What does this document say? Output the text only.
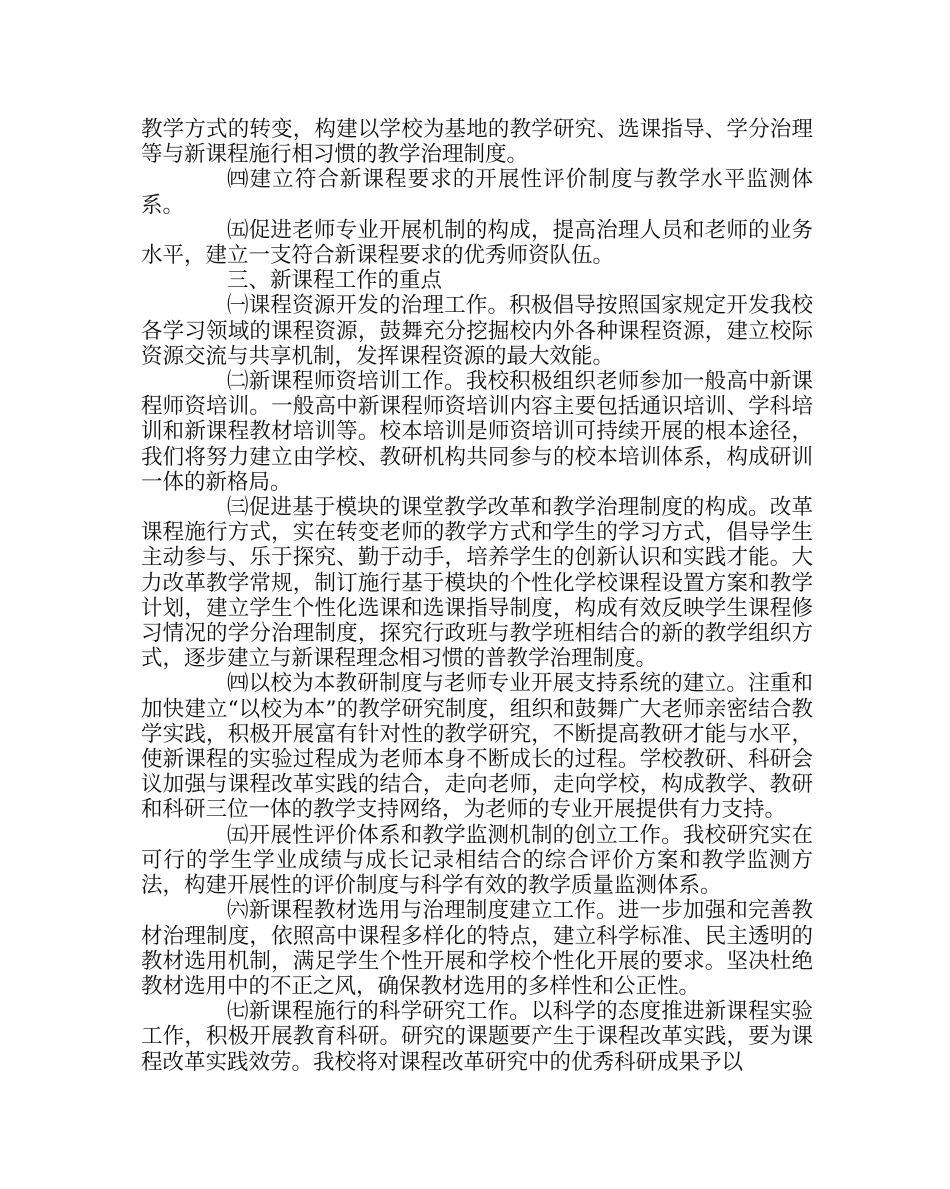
教学方式的转变，构建以学校为基地的教学研究、选课指导、学分治理等与新课程施行相习惯的教学治理制度。

㈣建立符合新课程要求的开展性评价制度与教学水平监测体系。

㈤促进老师专业开展机制的构成，提高治理人员和老师的业务水平，建立一支符合新课程要求的优秀师资队伍。

三、新课程工作的重点

㈠课程资源开发的治理工作。积极倡导按照国家规定开发我校各学习领域的课程资源，鼓舞充分挖掘校内外各种课程资源，建立校际资源交流与共享机制，发挥课程资源的最大效能。

㈡新课程师资培训工作。我校积极组织老师参加一般高中新课程师资培训。一般高中新课程师资培训内容主要包括通识培训、学科培训和新课程教材培训等。校本培训是师资培训可持续开展的根本途径，我们将努力建立由学校、教研机构共同参与的校本培训体系，构成研训一体的新格局。

㈢促进基于模块的课堂教学改革和教学治理制度的构成。改革课程施行方式，实在转变老师的教学方式和学生的学习方式，倡导学生主动参与、乐于探究、勤于动手，培养学生的创新认识和实践才能。大力改革教学常规，制订施行基于模块的个性化学校课程设置方案和教学计划，建立学生个性化选课和选课指导制度，构成有效反映学生课程修习情况的学分治理制度，探究行政班与教学班相结合的新的教学组织方式，逐步建立与新课程理念相习惯的普教学治理制度。

㈣以校为本教研制度与老师专业开展支持系统的建立。注重和加快建立“以校为本”的教学研究制度，组织和鼓舞广大老师亲密结合教学实践，积极开展富有针对性的教学研究，不断提高教研才能与水平，使新课程的实验过程成为老师本身不断成长的过程。学校教研、科研会议加强与课程改革实践的结合，走向老师，走向学校，构成教学、教研和科研三位一体的教学支持网络，为老师的专业开展提供有力支持。

㈤开展性评价体系和教学监测机制的创立工作。我校研究实在可行的学生学业成绩与成长记录相结合的综合评价方案和教学监测方法，构建开展性的评价制度与科学有效的教学质量监测体系。

㈥新课程教材选用与治理制度建立工作。进一步加强和完善教材治理制度，依照高中课程多样化的特点，建立科学标准、民主透明的教材选用机制，满足学生个性开展和学校个性化开展的要求。坚决杜绝教材选用中的不正之风，确保教材选用的多样性和公正性。

㈦新课程施行的科学研究工作。以科学的态度推进新课程实验工作，积极开展教育科研。研究的课题要产生于课程改革实践，要为课程改革实践效劳。我校将对课程改革研究中的优秀科研成果予以
